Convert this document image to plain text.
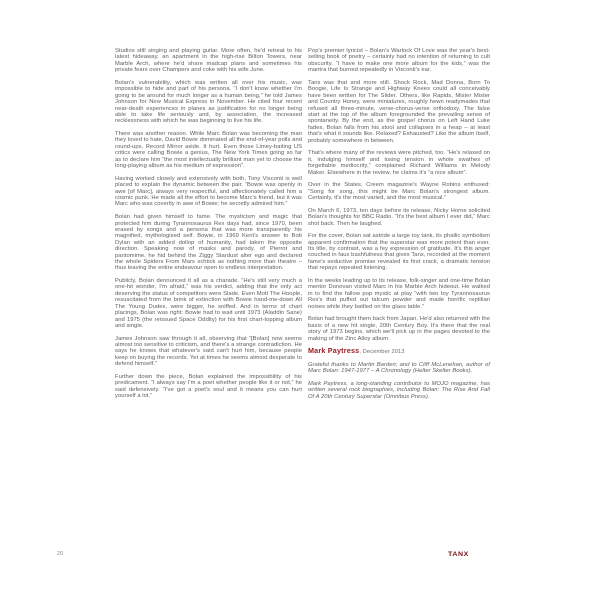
Studios still singing and playing guitar. More often, he'd retreat to his latest hideaway, an apartment in the high-rise Bilton Towers, near Marble Arch, where he'd share madcap plans and sometimes his private fears over Champers and coke with his wife June.

Bolan's vulnerability, which was written all over his music, was impossible to hide and part of his persona. “I don't know whether I'm going to be around for much longer as a human being,” he told James Johnson for New Musical Express in November. He cited four recent near-death experiences in planes as justification for no longer being able to take life seriously and, by association, the increased recklessness with which he was beginning to live his life.

There was another reason. While Marc Bolan was becoming the man they loved to hate, David Bowie dominated all the end-of-year polls and round-ups, Record Mirror aside. It hurt. Even those Limey-baiting US critics were calling Bowie a genius, The New York Times going so far as to declare him “the most intellectually brilliant man yet to choose the long-playing album as his medium of expression”.

Having worked closely and extensively with both, Tony Visconti is well placed to explain the dynamic between the pair. “Bowie was openly in awe [of Marc], always very respectful, and affectionately called him a cosmic punk. He made all the effort to become Marc's friend, but it was Marc who was covertly in awe of Bowie; he secretly admired him.”

Bolan had given himself to fame. The mysticism and magic that protected him during Tyrannosaurus Rex days had, since 1970, been erased by songs and a persona that was more transparently his magnified, mythologised self. Bowie, in 1969 Kent's answer to Bob Dylan with an added dollop of humanity, had taken the opposite direction. Speaking now of masks and parody, of Pierrot and pantomime, he hid behind the Ziggy Stardust alter ego and declared the whole Spiders From Mars schtick as nothing more than theatre – thus leaving the entire endeavour open to endless interpretation.

Publicly, Bolan denounced it all as a charade. “He's still very much a one-hit wonder, I'm afraid,” was his verdict, adding that the only act deserving the status of competitors were Slade. Even Mott The Hoople, resuscitated from the brink of extinction with Bowie hand-me-down All The Young Dudes, were bigger, he sniffed. And in terms of chart placings, Bolan was right: Bowie had to wait until 1973 (Aladdin Sane) and 1975 (the reissued Space Oddity) for his first chart-topping album and single.

James Johnson saw through it all, observing that “[Bolan] now seems almost too sensitive to criticism, and there's a strange contradiction. He says he knows that whatever's said can't hurt him, because people keep on buying the records. Yet at times he seems almost desperate to defend himself.”

Further down the piece, Bolan explained the impossibility of his predicament. “I always say I'm a poet whether people like it or not,” he said defensively. “I've got a poet's soul and it means you can hurt yourself a lot.”

Pop's premier lyricist – Bolan's Warlock Of Love was the year's best-selling book of poetry – certainly had no intention of returning to cult obscurity. “I have to make one more album for the kids,” was the mantra that burned repeatedly in Visconti's ear.

Tanx was that and more still. Shock Rock, Mad Donna, Born To Boogie, Life Is Strange and Highway Knees could all conceivably have been written for The Slider. Others, like Rapids, Mister Mister and Country Honey, were miniatures, roughly hewn readymades that refused all three-minute, verse-chorus-verse orthodoxy. The false start at the top of the album foregrounded the prevailing sense of spontaneity. By the end, as the gospel chorus on Left Hand Luke fades, Bolan falls from his stool and collapses in a heap – at least that's what it sounds like. Relaxed? Exhausted? Like the album itself, probably somewhere in between.

That's where many of the reviews were pitched, too. “He's relaxed on it, indulging himself and losing tension in whole swathes of forgettable mediocrity,” complained Richard Williams in Melody Maker. Elsewhere in the review, he claims it's “a nice album”.

Over in the States, Creem magazine's Wayne Robins enthused: “Song for song, this might be Marc Bolan's strongest album. Certainly, it's the most varied, and the most musical.”

On March 6, 1973, ten days before its release, Nicky Horne solicited Bolan's thoughts for BBC Radio. “It's the best album I ever did,” Marc shot back. Then he laughed.

For the cover, Bolan sat astride a large toy tank, its phallic symbolism apparent confirmation that the superstar was more potent than ever. Its title, by contrast, was a fey expression of gratitude. It's this anger couched in faux bashfulness that gives Tanx, recorded at the moment fame's seductive promise revealed its first crack, a dramatic tension that repays repeated listening.

In the weeks leading up to its release, folk-singer and one-time Bolan mentor Donovan visited Marc in his Marble Arch hideout. He walked in to find the fallow pop mystic at play “with two toy Tyrannosaurus Rex's that puffed out talcum powder and made horrific reptilian noises while they battled on the glass table.”

Bolan had brought them back from Japan. He'd also returned with the basis of a new hit single, 20th Century Boy. It's there that the real story of 1973 begins, which we'll pick up in the pages devoted to the making of the Zinc Alloy album.

Mark Paytress, December 2013

Grateful thanks to Martin Barden; and to Cliff McLenehan, author of Marc Bolan: 1947-1977 – A Chronology (Helter Skelter Books).

Mark Paytress, a long-standing contributor to MOJO magazine, has written several rock biographies, including Bolan: The Rise And Fall Of A 20th Century Superstar (Omnibus Press).

20	TANX
